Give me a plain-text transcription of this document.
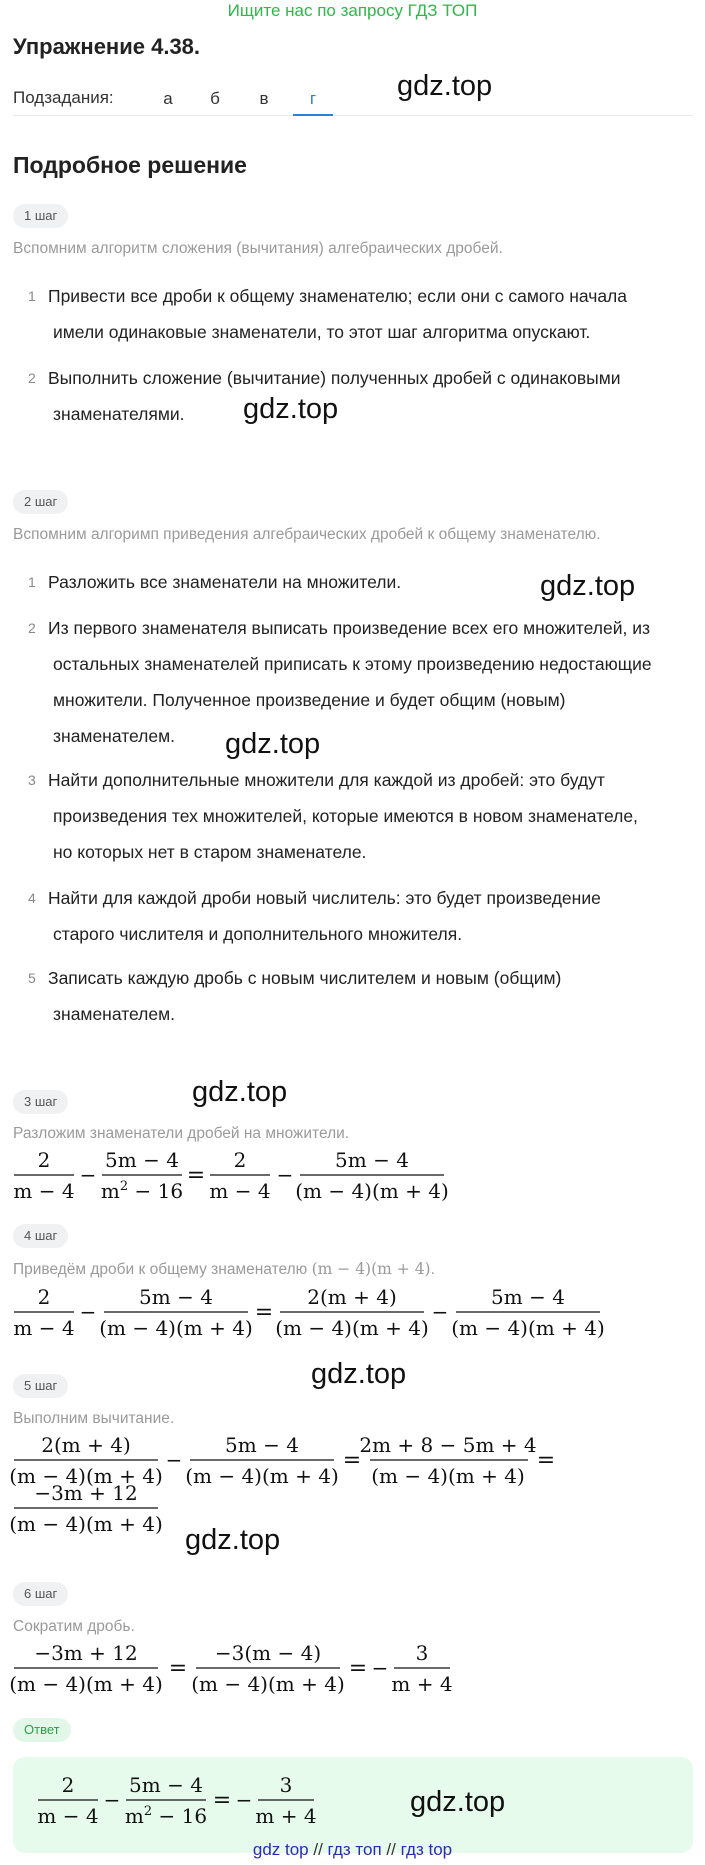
Ищите нас по запросу ГДЗ ТОП
Упражнение 4.38.
Подзадания:	а	б	в	г	gdz.top
Подробное решение
1 шаг
Вспомним алгоритм сложения (вычитания) алгебраических дробей.
1 Привести все дроби к общему знаменателю; если они с самого начала
имели одинаковые знаменатели, то этот шаг алгоритма опускают.
2 Выполнить сложение (вычитание) полученных дробей с одинаковыми
знаменателями.	gdz.top
2 шаг
Вспомним алгоримп приведения алгебраических дробей к общему знаменателю.
1 Разложить все знаменатели на множители.	gdz.top
2 Из первого знаменателя выписать произведение всех его множителей, из
остальных знаменателей приписать к этому произведению недостающие
множители. Полученное произведение и будет общим (новым)
знаменателем.	gdz.top
3 Найти дополнительные множители для каждой из дробей: это будут
произведения тех множителей, которые имеются в новом знаменателе,
но которых нет в старом знаменателе.
4 Найти для каждой дроби новый числитель: это будет произведение
старого числителя и дополнительного множителя.
5 Записать каждую дробь с новым числителем и новым (общим)
знаменателем.
3 шаг	gdz.top
Разложим знаменатели дробей на множители.
2
m − 4
−
5m − 4
$m^2 - 16$
=
2
m − 4
−
5m − 4
(m − 4)(m + 4)
4 шаг
Приведём дроби к общему знаменателю (m − 4)(m + 4).
2
m − 4
−
5m − 4
(m − 4)(m + 4)
=
2(m + 4)
(m − 4)(m + 4)
−
5m − 4
(m − 4)(m + 4)
gdz.top
5 шаг
Выполним вычитание.
2(m + 4)
(m − 4)(m + 4)
−
5m − 4
(m − 4)(m + 4)
=
2m + 8 − 5m + 4
(m − 4)(m + 4)
=
−3m + 12
(m − 4)(m + 4) gdz.top
6 шаг
Сократим дробь.
−3m + 12
(m − 4)(m + 4)
=
−3(m − 4)
(m − 4)(m + 4)
= −
3
m + 4
Ответ
2
m − 4
−
5m − 4
$m^2 - 16$
= −
3
m + 4	gdz.top
gdz top // гдз топ // гдз top
